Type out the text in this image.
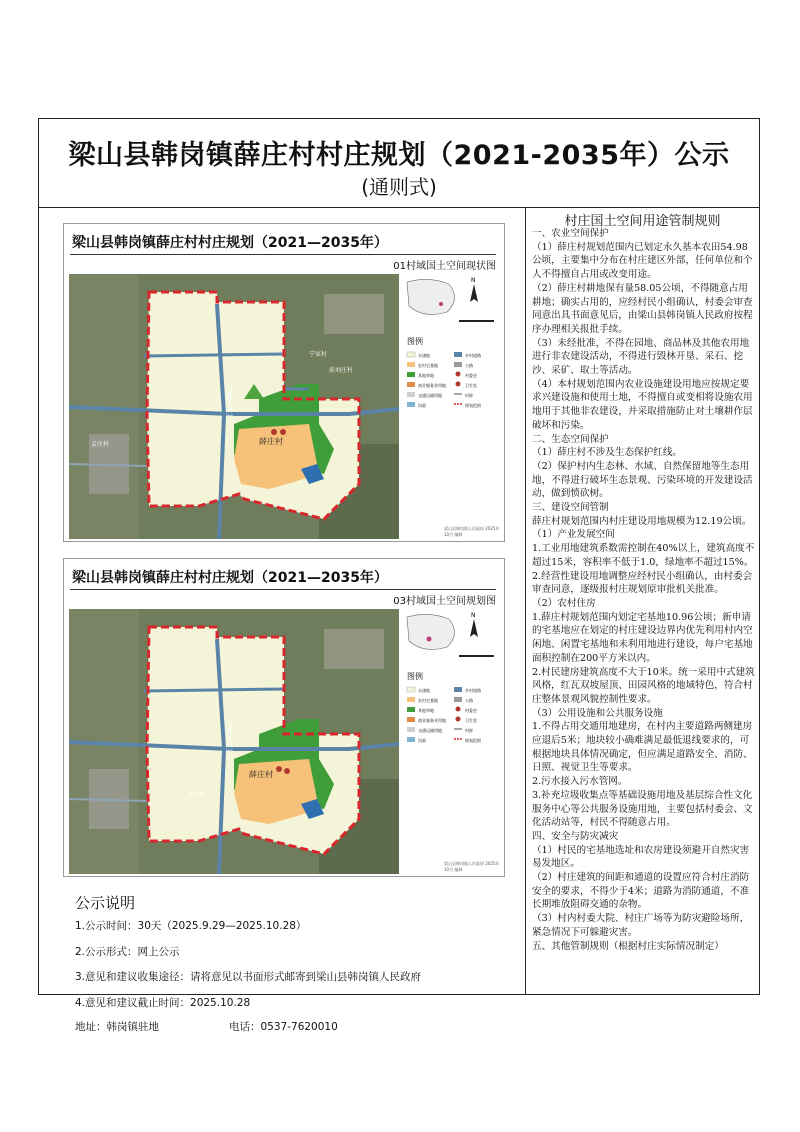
梁山县韩岗镇薛庄村村庄规划（2021-2035年）公示
(通则式)
梁山县韩岗镇薛庄村村庄规划（2021—2035年）
01村域国土空间现状图
交通用地主干
薛庄村
宁家村
前刘庄村
孟庄村
N
图例
水浇地	乡村道路
农村宅基地	公路
其他草地	村委会
商业服务业用地	卫生室
交通运输用地	村界
沟渠	规划范围
梁山县韩岗镇人民政府 2025年10月 编制
梁山县韩岗镇薛庄村村庄规划（2021—2035年）
03村域国土空间规划图
交通用地主干
薛庄村
Y376
N
图例
水浇地	乡村道路
农村宅基地	公路
其他草地	村委会
商业服务业用地	卫生室
交通运输用地	村界
沟渠	规划范围
梁山县韩岗镇人民政府 2025年10月 编制
公示说明
1.公示时间：30天（2025.9.29—2025.10.28）
2.公示形式：网上公示
3.意见和建议收集途径：请将意见以书面形式邮寄到梁山县韩岗镇人民政府
4.意见和建议截止时间：2025.10.28
地址：韩岗镇驻地	电话：0537-7620010
村庄国土空间用途管制规则

一、农业空间保护

（1）薛庄村规划范围内已划定永久基本农田54.98公顷，主要集中分布在村庄建区外部，任何单位和个人不得擅自占用或改变用途。

（2）薛庄村耕地保有量58.05公顷，不得随意占用耕地；确实占用的，应经村民小组确认，村委会审查同意出具书面意见后，由梁山县韩岗镇人民政府按程序办理相关报批手续。

（3）未经批准，不得在园地、商品林及其他农用地进行非农建设活动，不得进行毁林开垦、采石、挖沙、采矿、取土等活动。

（4）本村规划范围内农业设施建设用地应按规定要求兴建设施和使用土地，不得擅自或变相将设施农用地用于其他非农建设，并采取措施防止对土壤耕作层破坏和污染。

二、生态空间保护

（1）薛庄村不涉及生态保护红线。

（2）保护村内生态林、水域、自然保留地等生态用地，不得进行破坏生态景观、污染环境的开发建设活动，做到愤砍树。

三、建设空间管制

薛庄村规划范围内村庄建设用地规模为12.19公顷。

（1）产业发展空间

1.工业用地建筑系数需控制在40%以上，建筑高度不超过15米，容积率不低于1.0，绿地率不超过15%。

2.经营性建设用地调整应经村民小组确认，由村委会审查同意，逐级报村庄规划原审批机关批准。

（2）农村住房

1.薛庄村规划范围内划定宅基地10.96公顷；新申请的宅基地应在划定的村庄建设边界内优先利用村内空闲地、闲置宅基地和未利用地进行建设，每户宅基地面积控制在200平方米以内。

2.村民建房建筑高度不大于10米。统一采用中式建筑风格，红瓦双坡屋顶、田园风格的地域特色，符合村庄整体景观风貌控制性要求。

（3）公用设施和公共服务设施

1.不得占用交通用地建房，在村内主要道路两侧建房应退后5米；地块较小确难满足最低退线要求的，可根据地块具体情况确定，但应满足道路安全、消防、日照、视觉卫生等要求。

2.污水接入污水管网。

3.补充垃圾收集点等基础设施用地及基层综合性文化服务中心等公共服务设施用地，主要包括村委会、文化活动站等，村民不得随意占用。

四、安全与防灾减灾

（1）村民的宅基地选址和农房建设须避开自然灾害易发地区。

（2）村庄建筑的间距和通道的设置应符合村庄消防安全的要求，不得少于4米；道路为消防通道，不准长期堆放阻碍交通的杂物。

（3）村内村委大院、村庄广场等为防灾避险场所，紧急情况下可躲避灾害。

五、其他管制规则（根据村庄实际情况制定）
